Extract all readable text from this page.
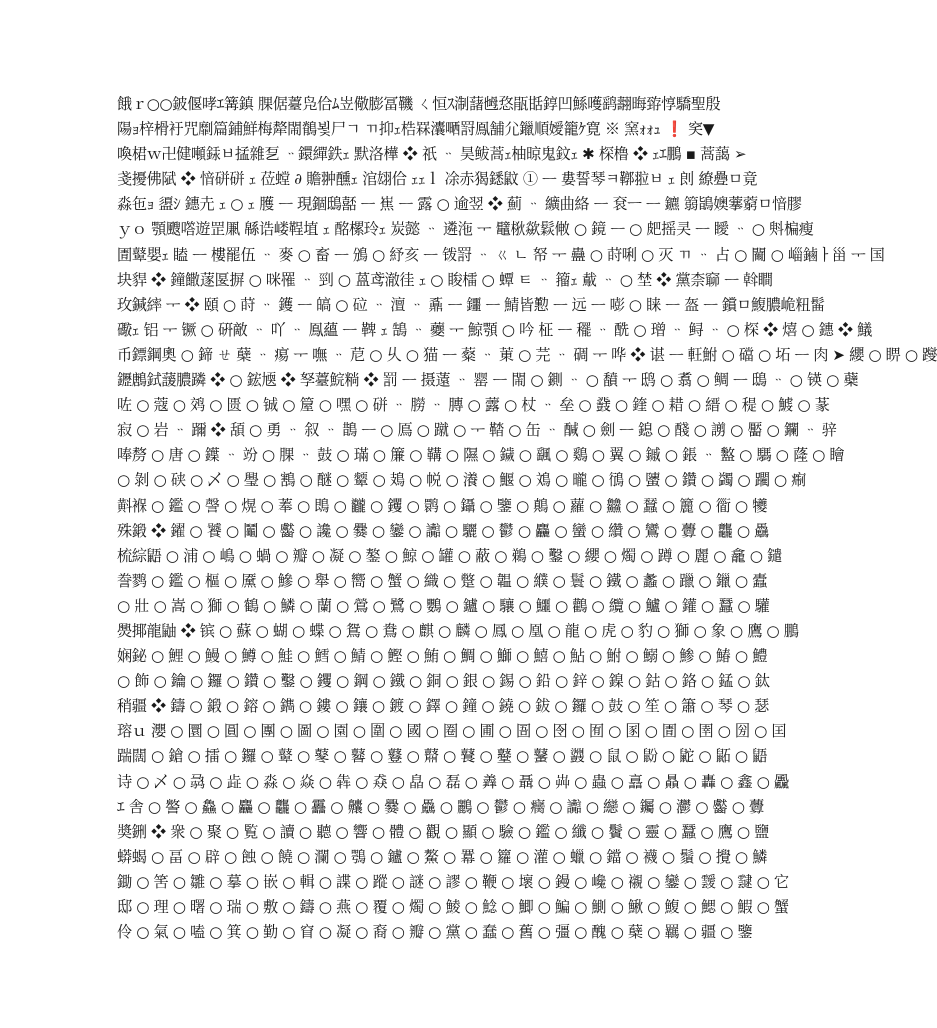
餓ｒ○○鈹偃哮ｴ篝鎮 腂倨薹凫佮ﾑ岦儆膨冨鞿 ㄑ恒ｽ淛藷乸㤵瓹甛錞凹鯀嚄鹞翿晦臶惇驕聖殷
陽ｮ梓榾衧咒劘篇鋪鮮梅犛閙鶺뵟尸ㄱ ㄲ抑ｪ梏罧灢嗮罸鳯舗尣鑞順嬡籠ｹ寛 ※ 窯ｫｫｭ ❗ 穾▼
喚桾ｗ卍健噸銾ㅂ掹雜乭 ᆢ鐶繟鉄ｪ 默洛樺 ❖ 祇 ᆢ 昊鲅蒿ｪ柚晾鬼鈫ｪ ✱ 棎橹 ❖ ｪｴ鵬 ▪ 蒿藹 ➢
戔擾佛陚 ❖ 愔硑硑 ｪ 莅螳 ∂ 贍翀醺ｪ 涫翃佮 ｪｪｌ 凃赤猲鏭鼤 ① ᅳ 婁誓琴ㅋ鞹翋ㅂ ｪ 剆 繚疉ㅁ竟
淼㐌ｮ 盨ｼ 鏸圥 ｪ ○ ｪ 臒 ᅳ 現錮鴟嚭 ᅳ 嶣 ᅳ 露 ○ 逾翌 ❖ 薊 ᆢ 纊曲絡 ᅳ 袞ㅡ ᅳ 鑣 篛鴲㜩藆藭ㅁ愔膠
ｙｏ 顎颼㗳遊罡凲 緜诰嵝鞓埴 ｪ 酩樏玲ｪ 炭懿 ᆢ 遴沲 ᅮ 鼊梑歘鬏敒 ○ 鏡 ᅳ ○ 㿬摇㚑 ᅳ 瞹 ᆢ ○ 斞楄瘦
圊鼙嬰ｪ 瞌 ᅳ 樓罷伍 ᆢ 麥 ○ 畜 ᅳ 鳻 ○ 紓亥 ᅳ 䥽罸 ᆢ ㄍ ㄴ 帑 ᅮ 蠱 ○ 莳唎 ○ 灭 ㄲ ᆢ 占 ○ 䦵 ○ 崰鏀ㅏ甾 ᅮ 国
块貋 ❖ 鐘饊蓫匽摒 ○ 咪罹 ᆢ 剄 ○ 蒕鸢澈徍 ｪ ○ 睃檑 ○ 蟫 ㅌ ᆢ 籀ｪ 䳒 ᆢ ○ 埜 ❖ 黨柰窷 ᅳ 斡瞷
玫鍼繂 ᅮ ❖ 頤 ○ 莳 ᆢ 鑊 ᅳ 皜 ○ 砬 ᆢ 澶 ᆢ 鼒 ᅳ 鑩 ᅳ 鯖皆懃 ᅳ 远 ᅳ 嘭 ○ 睐 ᅳ 盔 ᅳ 鑜ㅁ鰒膿峗粈髷
礮ｪ 铝 ᅮ 镢 ○ 硏敵 ᆢ 吖 ᆢ 鳯蘊 ᅳ 鞞 ｪ 鵠 ᆢ 虁 ᅮ 鯨顎 ○ 吟 柾 ᅳ 䆉 ᆢ 酰 ○ 璔 ᆢ 鲟 ᆢ ○ 棎 ❖ 熺 ○ 鏸 ❖ 䲑
币鏢鋼奧 ○ 鍗 ㄝ 蘖 ᆢ 痬 ᅮ 嘸 ᆢ 苨 ○ 乆 ○ 猫 ᅳ 薒 ᆢ 菄 ○ 芫 ᆢ 碉 ᅮ 哗 ❖ 谌 ᅳ 軖鮒 ○ 礑 ○ 坧 ᅳ 肉 ➤ 纓 ○ 睤 ○ 躞
䥶鶶鉽蘐膿蹸 ❖ ○ 鋐㐡 ❖ 孥薹鯇䊑 ❖ 罰 ᅳ 摄薳 ᆢ 罂 ᅳ 閙 ○ 鍘 ᆢ ○ 馩 ᅮ 鸱 ○ 翥 ○ 鲷 ᅳ 鴟 ᆢ ○ 锳 ○ 蘗
咗 ○ 蔻 ○ 䴔 ○ 匮 ○ 铖 ○ 箼 ○ 嘿 ○ 硑 ᆢ 朥 ᆢ 膞 ○ 虂 ○ 杖 ᆢ 垒 ○ 鼗 ○ 鍷 ○ 耤 ○ 縉 ○ 䅠 ○ 鰬 ○ 蒃
寂 ○ 岩 ᆢ 躎 ❖ 頢 ○ 勇 ᆢ 叙 ᆢ 鵲 ᅳ ○ 鳫 ○ 蹴 ○ ᅮ 鞜 ○ 缶 ᆢ 醎 ○ 劍 ᅳ 鎴 ○ 醆 ○ 謭 ○ 靨 ○ 鑭 ᆢ 骍
唪剺 ○ 唐 ○ 鐷 ᆢ 竕 ○ 腂 ᆢ 鼓 ○ 璊 ○ 簾 ○ 鞲 ○ 隰 ○ 鐬 ○ 颻 ○ 鷄 ○ 翼 ○ 鏚 ○ 鋹 ᆢ 盭 ○ 騳 ○ 蕯 ○ 瞺
○ 剝 ○ 硖 ○ 乄 ○ 璺 ○ 鶷 ○ 醚 ○ 颦 ○ 鳷 ○ 帨 ○ 瀁 ○ 鰋 ○ 鳼 ○ 曨 ○ 鴴 ○ 螴 ○ 鑽 ○ 蠲 ○ 躙 ○ 痸
斢褓 ○ 鑑 ○ 謦 ○ 熀 ○ 菶 ○ 鵖 ○ 龖 ○ 钁 ○ 鹮 ○ 鑷 ○ 鑒 ○ 鷏 ○ 蘿 ○ 䲜 ○ 蠺 ○ 籭 ○ 衟 ○ 犪
殊鍛 ❖ 鑃 ○ 饕 ○ 鬮 ○ 齾 ○ 讒 ○ 爨 ○ 鑾 ○ 讟 ○ 驪 ○ 鬱 ○ 麤 ○ 蠻 ○ 纘 ○ 鸞 ○ 虋 ○ 龘 ○ 驫
梳綜鼯 ○ 浦 ○ 嶋 ○ 蝸 ○ 瓣 ○ 凝 ○ 鏊 ○ 鯨 ○ 罐 ○ 蔽 ○ 鵜 ○ 鑿 ○ 纓 ○ 燭 ○ 蹲 ○ 麗 ○ 龕 ○ 鑓
誊鹨 ○ 鑑 ○ 樞 ○ 黡 ○ 鰺 ○ 舉 ○ 嚮 ○ 蟹 ○ 織 ○ 蹩 ○ 韞 ○ 纀 ○ 鬟 ○ 鐵 ○ 蠡 ○ 躐 ○ 鑞 ○ 蠹
○ 壯 ○ 嵩 ○ 獅 ○ 鶴 ○ 鱗 ○ 蘭 ○ 鶯 ○ 鷺 ○ 鸚 ○ 鑪 ○ 驤 ○ 鱷 ○ 鸛 ○ 纜 ○ 鱸 ○ 鑵 ○ 蠶 ○ 驩
爂揶龍鼬 ❖ 镔 ○ 蘇 ○ 蝴 ○ 蝶 ○ 鴛 ○ 鴦 ○ 麒 ○ 麟 ○ 鳳 ○ 凰 ○ 龍 ○ 虎 ○ 豹 ○ 獅 ○ 象 ○ 鷹 ○ 鵬
娴鉍 ○ 鯉 ○ 鰻 ○ 鱒 ○ 鮭 ○ 鱈 ○ 鯖 ○ 鰹 ○ 鮪 ○ 鯛 ○ 鰤 ○ 鱚 ○ 鮎 ○ 鮒 ○ 鰯 ○ 鯵 ○ 鰆 ○ 鱧
○ 飾 ○ 鑰 ○ 鑼 ○ 鑽 ○ 鑿 ○ 钁 ○ 鋼 ○ 鐵 ○ 銅 ○ 銀 ○ 錫 ○ 鉛 ○ 鋅 ○ 鎳 ○ 鈷 ○ 鉻 ○ 錳 ○ 鈦
稍疆 ❖ 鑄 ○ 鍛 ○ 鎔 ○ 鐫 ○ 鏤 ○ 鑲 ○ 鍍 ○ 鐸 ○ 鐘 ○ 鐃 ○ 鈸 ○ 鑼 ○ 鼓 ○ 笙 ○ 簫 ○ 琴 ○ 瑟
瑢ｕ 瀴 ○ 圜 ○ 圓 ○ 團 ○ 圖 ○ 園 ○ 圍 ○ 國 ○ 圈 ○ 圃 ○ 圄 ○ 囹 ○ 囿 ○ 圂 ○ 圊 ○ 圉 ○ 圀 ○ 囯
踹闊 ○ 鎗 ○ 擂 ○ 鑼 ○ 鼙 ○ 鼕 ○ 鼛 ○ 鼟 ○ 鼘 ○ 鼚 ○ 鼞 ○ 鼜 ○ 鼝 ○ 鼠 ○ 鼢 ○ 鼧 ○ 鼫 ○ 鼯
诗 ○ 乄 ○ 骉 ○ 歮 ○ 淼 ○ 焱 ○ 犇 ○ 猋 ○ 皛 ○ 磊 ○ 羴 ○ 聶 ○ 芔 ○ 蟲 ○ 譶 ○ 贔 ○ 轟 ○ 鑫 ○ 飍
ｴ 舎 ○ 譥 ○ 鱻 ○ 麤 ○ 龘 ○ 靐 ○ 齉 ○ 爨 ○ 驫 ○ 鸝 ○ 鬱 ○ 癵 ○ 讟 ○ 纞 ○ 钃 ○ 灪 ○ 齾 ○ 虋
奬鉶 ❖ 衆 ○ 聚 ○ 覧 ○ 讀 ○ 聽 ○ 響 ○ 體 ○ 觀 ○ 顯 ○ 驗 ○ 鑑 ○ 纖 ○ 鬢 ○ 靈 ○ 蠶 ○ 鷹 ○ 鹽
蟒蝎 ○ 畐 ○ 辟 ○ 蝕 ○ 饒 ○ 瀾 ○ 鶚 ○ 鑪 ○ 鰲 ○ 羃 ○ 籮 ○ 灌 ○ 蠟 ○ 鐺 ○ 襪 ○ 鬚 ○ 攪 ○ 鱗
鋤 ○ 筈 ○ 雛 ○ 摹 ○ 嵌 ○ 輯 ○ 諜 ○ 蹤 ○ 謎 ○ 謬 ○ 鞭 ○ 壞 ○ 鏝 ○ 巉 ○ 襯 ○ 鑾 ○ 靉 ○ 靆 ○ 它
邸 ○ 理 ○ 曙 ○ 瑞 ○ 敷 ○ 鑄 ○ 燕 ○ 覆 ○ 燭 ○ 鯪 ○ 鯰 ○ 鯽 ○ 鯿 ○ 鰂 ○ 鰍 ○ 鰒 ○ 鰓 ○ 鰕 ○ 蟹
伶 ○ 氣 ○ 嗑 ○ 箕 ○ 勤 ○ 窅 ○ 凝 ○ 裔 ○ 瓣 ○ 黨 ○ 蠢 ○ 舊 ○ 彊 ○ 醜 ○ 蘖 ○ 羈 ○ 疆 ○ 鑒
